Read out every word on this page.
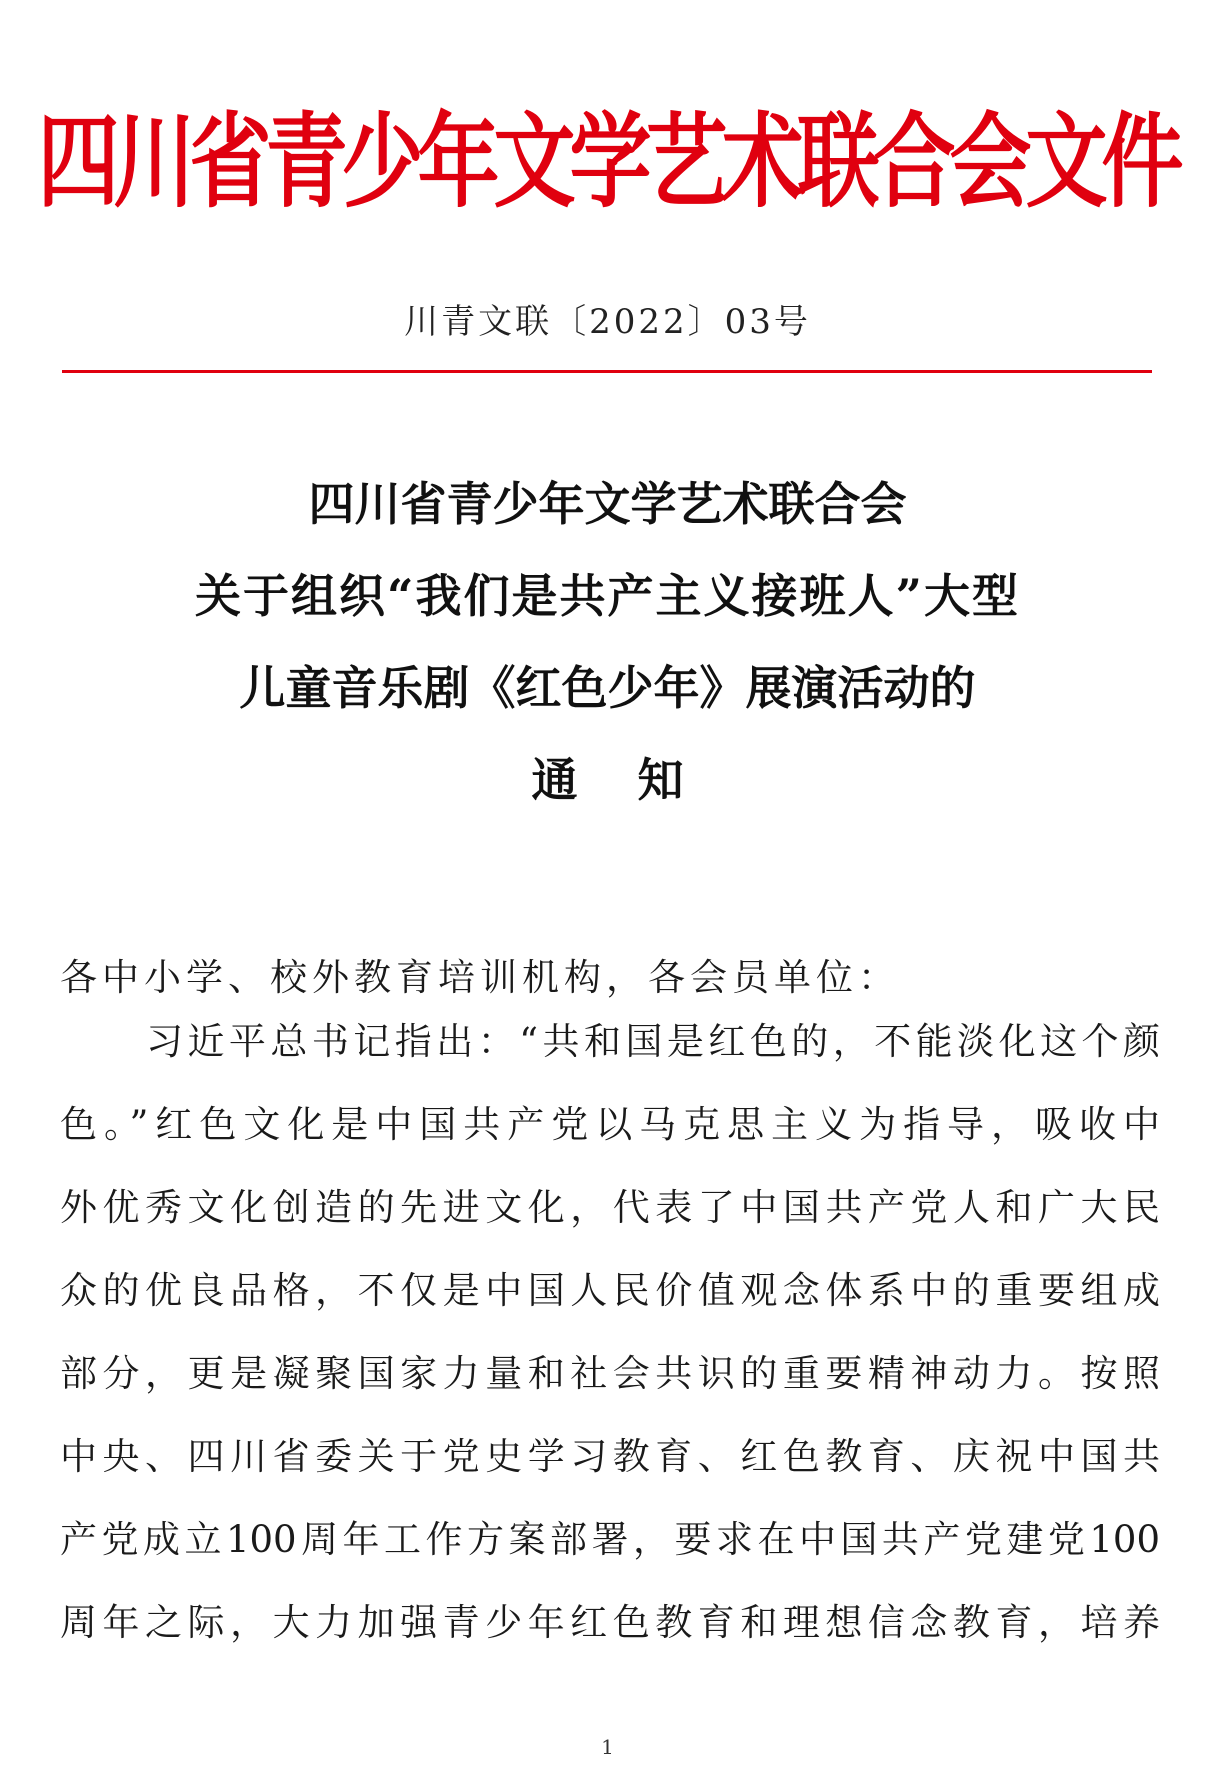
四川省青少年文学艺术联合会文件
川青文联〔2022〕03号
四川省青少年文学艺术联合会
关于组织“我们是共产主义接班人”大型
儿童音乐剧《红色少年》展演活动的
通知
各中小学、校外教育培训机构，各会员单位：
习近平总书记指出：“共和国是红色的，不能淡化这个颜
色。”红色文化是中国共产党以马克思主义为指导，吸收中
外优秀文化创造的先进文化，代表了中国共产党人和广大民
众的优良品格，不仅是中国人民价值观念体系中的重要组成
部分，更是凝聚国家力量和社会共识的重要精神动力。按照
中央、四川省委关于党史学习教育、红色教育、庆祝中国共
产党成立100周年工作方案部署，要求在中国共产党建党100
周年之际，大力加强青少年红色教育和理想信念教育，培养
1
